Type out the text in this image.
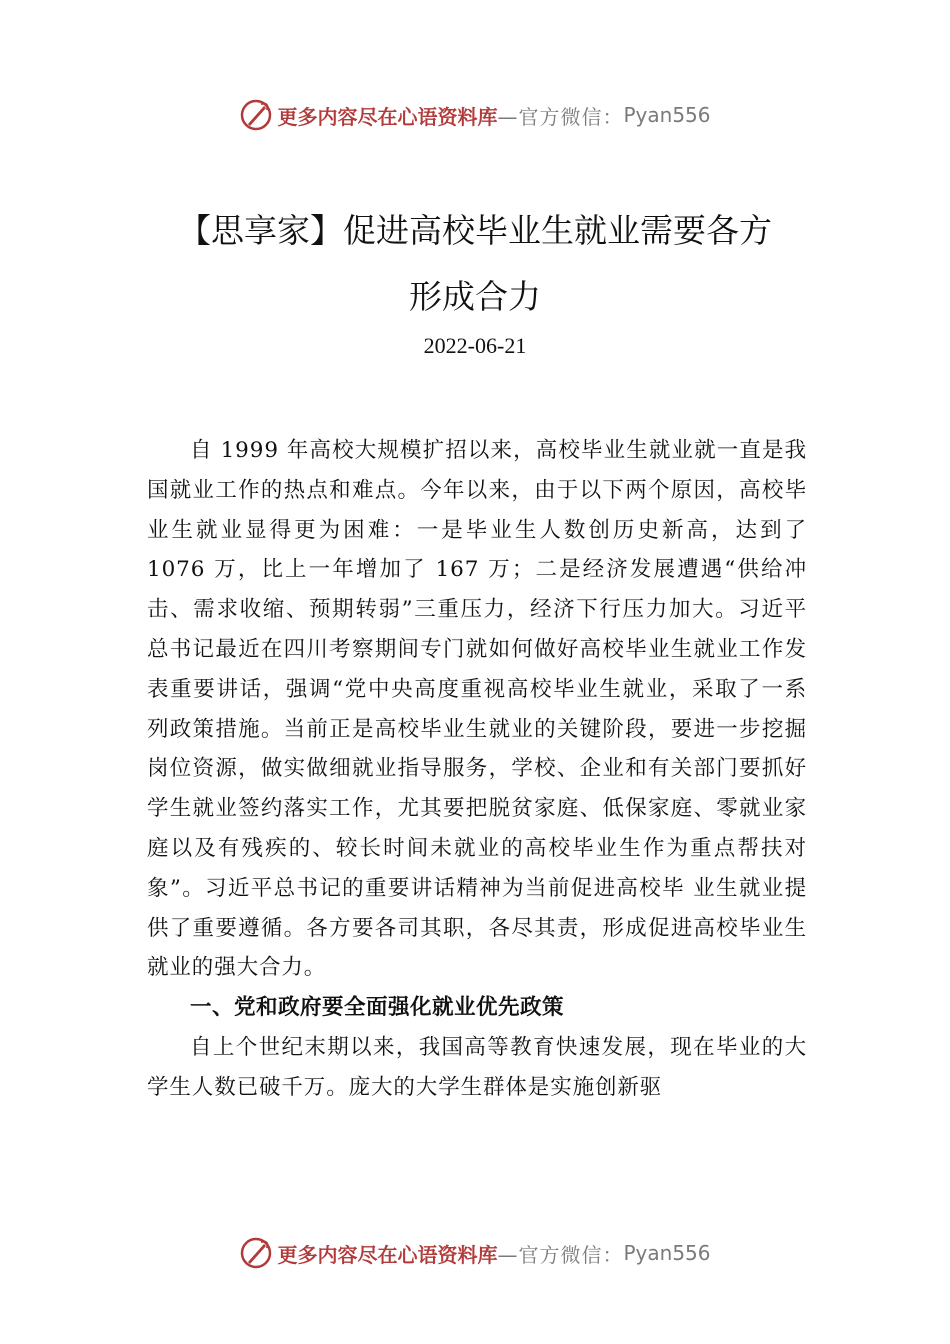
更多内容尽在心语资料库 —官方微信： Pyan556
【思享家】促进高校毕业生就业需要各方
形成合力
2022-06-21

自 1999 年高校大规模扩招以来，高校毕业生就业就一直是我国就业工作的热点和难点。今年以来，由于以下两个原因，高校毕业生就业显得更为困难：一是毕业生人数创历史新高，达到了 1076 万，比上一年增加了 167 万；二是经济发展遭遇“供给冲击、需求收缩、预期转弱”三重压力，经济下行压力加大。习近平总书记最近在四川考察期间专门就如何做好高校毕业生就业工作发表重要讲话，强调“党中央高度重视高校毕业生就业，采取了一系列政策措施。当前正是高校毕业生就业的关键阶段，要进一步挖掘岗位资源，做实做细就业指导服务，学校、企业和有关部门要抓好学生就业签约落实工作，尤其要把脱贫家庭、低保家庭、零就业家庭以及有残疾的、较长时间未就业的高校毕业生作为重点帮扶对象”。习近平总书记的重要讲话精神为当前促进高校毕 业生就业提供了重要遵循。各方要各司其职，各尽其责，形成促进高校毕业生就业的强大合力。

一、党和政府要全面强化就业优先政策

自上个世纪末期以来，我国高等教育快速发展，现在毕业的大学生人数已破千万。庞大的大学生群体是实施创新驱

更多内容尽在心语资料库 —官方微信： Pyan556
